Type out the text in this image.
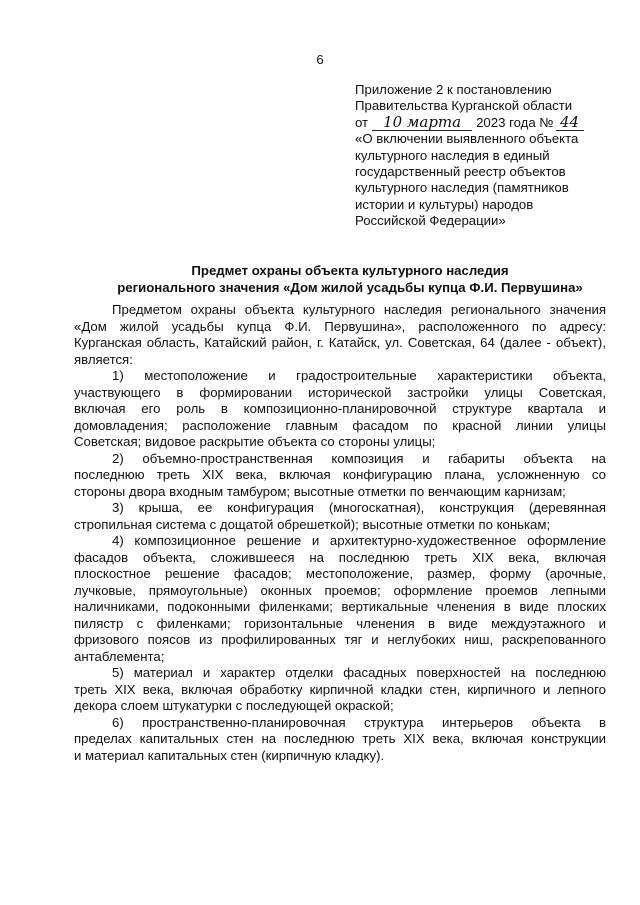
6
Приложение 2 к постановлению
Правительства Курганской области
от 10 марта 2023 года № 44
«О включении выявленного объекта
культурного наследия в единый
государственный реестр объектов
культурного наследия (памятников
истории и культуры) народов
Российской Федерации»
Предмет охраны объекта культурного наследия
регионального значения «Дом жилой усадьбы купца Ф.И. Первушина»
Предметом охраны объекта культурного наследия регионального значения
«Дом жилой усадьбы купца Ф.И. Первушина», расположенного по адресу:
Курганская область, Катайский район, г. Катайск, ул. Советская, 64 (далее - объект),
является:
1) местоположение и градостроительные характеристики объекта,
участвующего в формировании исторической застройки улицы Советская,
включая его роль в композиционно-планировочной структуре квартала и
домовладения; расположение главным фасадом по красной линии улицы
Советская; видовое раскрытие объекта со стороны улицы;
2) объемно-пространственная композиция и габариты объекта на
последнюю треть XIX века, включая конфигурацию плана, усложненную со
стороны двора входным тамбуром; высотные отметки по венчающим карнизам;
3) крыша, ее конфигурация (многоскатная), конструкция (деревянная
стропильная система с дощатой обрешеткой); высотные отметки по конькам;
4) композиционное решение и архитектурно-художественное оформление
фасадов объекта, сложившееся на последнюю треть XIX века, включая
плоскостное решение фасадов; местоположение, размер, форму (арочные,
лучковые, прямоугольные) оконных проемов; оформление проемов лепными
наличниками, подоконными филенками; вертикальные членения в виде плоских
пилястр с филенками; горизонтальные членения в виде междуэтажного и
фризового поясов из профилированных тяг и неглубоких ниш, раскрепованного
антаблемента;
5) материал и характер отделки фасадных поверхностей на последнюю
треть XIX века, включая обработку кирпичной кладки стен, кирпичного и лепного
декора слоем штукатурки с последующей окраской;
6) пространственно-планировочная структура интерьеров объекта в
пределах капитальных стен на последнюю треть XIX века, включая конструкции
и материал капитальных стен (кирпичную кладку).
